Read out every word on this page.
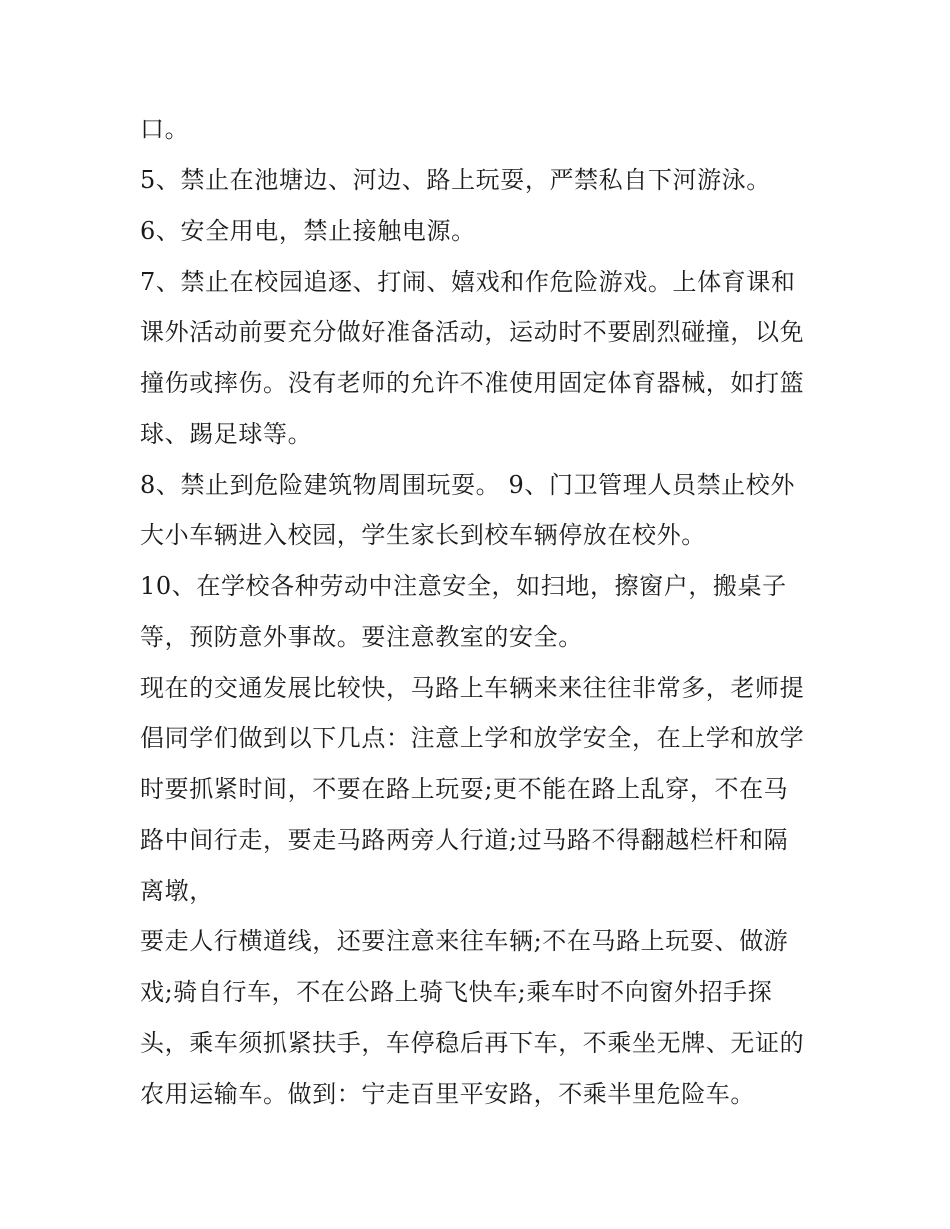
口。

5、禁止在池塘边、河边、路上玩耍，严禁私自下河游泳。

6、安全用电，禁止接触电源。

7、禁止在校园追逐、打闹、嬉戏和作危险游戏。上体育课和

课外活动前要充分做好准备活动，运动时不要剧烈碰撞，以免

撞伤或摔伤。没有老师的允许不准使用固定体育器械，如打篮

球、踢足球等。

8、禁止到危险建筑物周围玩耍。 9、门卫管理人员禁止校外

大小车辆进入校园，学生家长到校车辆停放在校外。

10、在学校各种劳动中注意安全，如扫地，擦窗户，搬桌子

等，预防意外事故。要注意教室的安全。

现在的交通发展比较快，马路上车辆来来往往非常多，老师提

倡同学们做到以下几点：注意上学和放学安全，在上学和放学

时要抓紧时间，不要在路上玩耍;更不能在路上乱穿，不在马

路中间行走，要走马路两旁人行道;过马路不得翻越栏杆和隔

离墩，

要走人行横道线，还要注意来往车辆;不在马路上玩耍、做游

戏;骑自行车，不在公路上骑飞快车;乘车时不向窗外招手探

头，乘车须抓紧扶手，车停稳后再下车，不乘坐无牌、无证的

农用运输车。做到：宁走百里平安路，不乘半里危险车。
